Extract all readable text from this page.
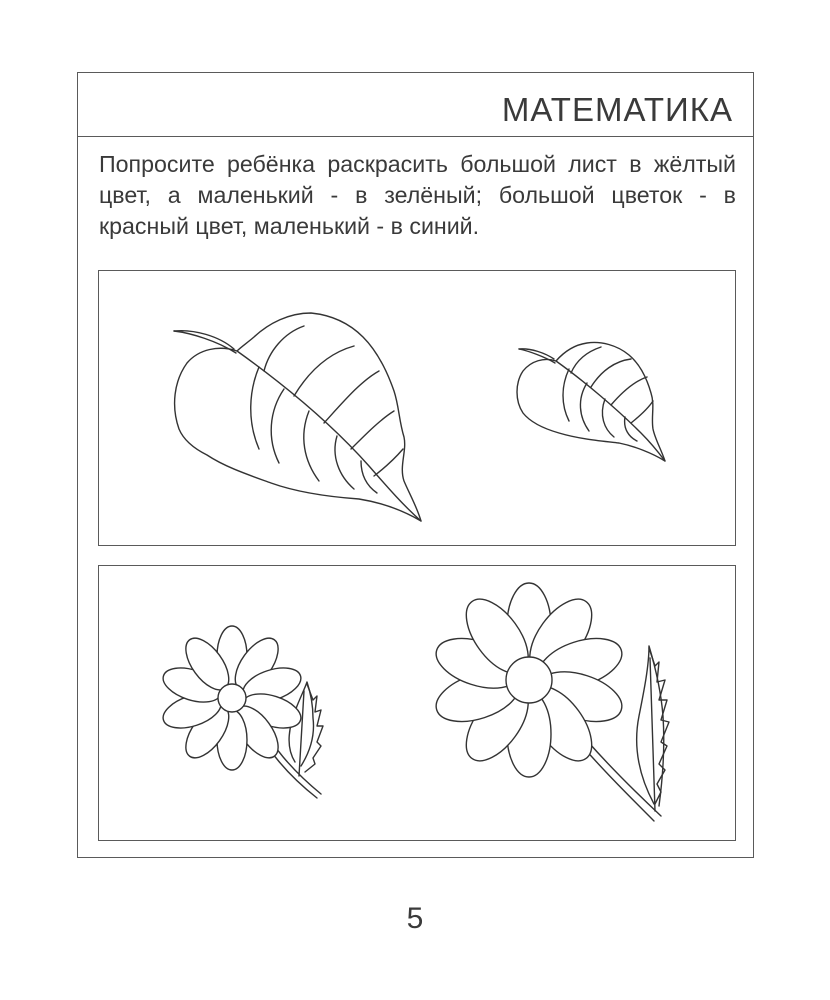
МАТЕМАТИКА
Попросите ребёнка раскрасить большой лист в жёлтый цвет, а маленький - в зелёный; большой цветок - в красный цвет, маленький - в синий.
5
